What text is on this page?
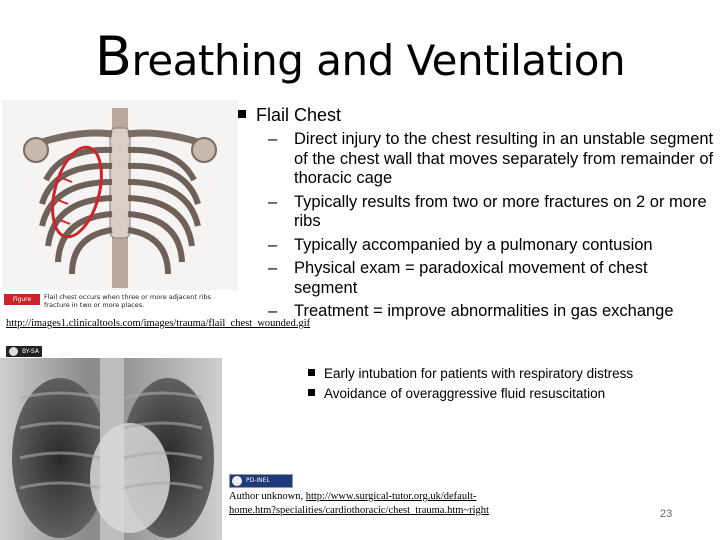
Breathing and Ventilation
Figure	Flail chest occurs when three or more adjacent ribs fracture in two or more places.
http://images1.clinicaltools.com/images/trauma/flail_chest_wounded.gif
BY-SA
Flail Chest
– Direct injury to the chest resulting in an unstable segment of the chest wall that moves separately from remainder of thoracic cage
– Typically results from two or more fractures on 2 or more ribs
– Typically accompanied by a pulmonary contusion
– Physical exam = paradoxical movement of chest segment
– Treatment = improve abnormalities in gas exchange
Early intubation for patients with respiratory distress
Avoidance of overaggressive fluid resuscitation
PD-INEL
Author unknown, http://www.surgical-tutor.org.uk/default-home.htm?specialities/cardiothoracic/chest_trauma.htm~right	23
